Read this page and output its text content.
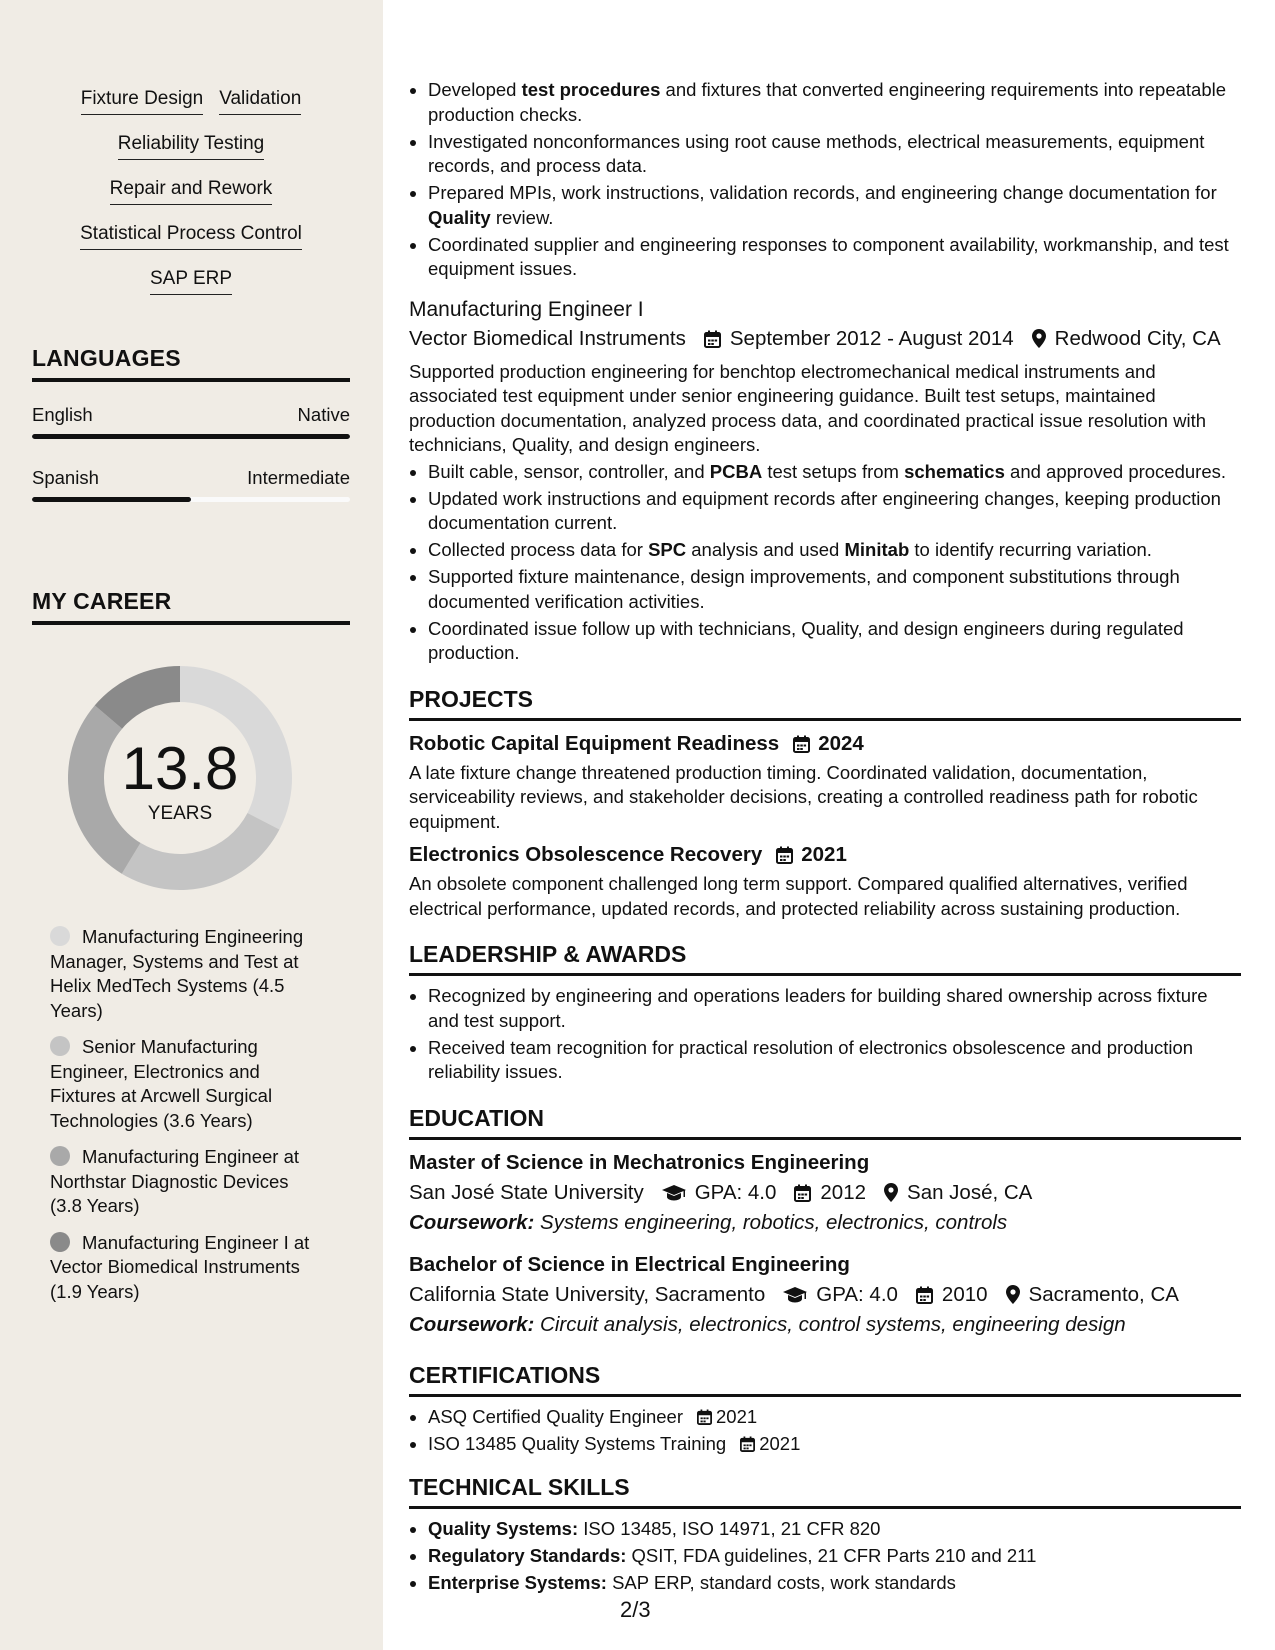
Fixture Design Validation
Reliability Testing
Repair and Rework
Statistical Process Control
SAP ERP
LANGUAGES
English	Native
Spanish	Intermediate
MY CAREER
13.8
YEARS
Manufacturing Engineering Manager, Systems and Test at Helix MedTech Systems (4.5 Years)
Senior Manufacturing Engineer, Electronics and Fixtures at Arcwell Surgical Technologies (3.6 Years)
Manufacturing Engineer at Northstar Diagnostic Devices (3.8 Years)
Manufacturing Engineer I at Vector Biomedical Instruments (1.9 Years)
• Developed test procedures and fixtures that converted engineering requirements into repeatable production checks.
• Investigated nonconformances using root cause methods, electrical measurements, equipment records, and process data.
• Prepared MPIs, work instructions, validation records, and engineering change documentation for Quality review.
• Coordinated supplier and engineering responses to component availability, workmanship, and test equipment issues.
Manufacturing Engineer I
Vector Biomedical Instruments September 2012 - August 2014 Redwood City, CA
Supported production engineering for benchtop electromechanical medical instruments and associated test equipment under senior engineering guidance. Built test setups, maintained production documentation, analyzed process data, and coordinated practical issue resolution with technicians, Quality, and design engineers.
• Built cable, sensor, controller, and PCBA test setups from schematics and approved procedures.
• Updated work instructions and equipment records after engineering changes, keeping production documentation current.
• Collected process data for SPC analysis and used Minitab to identify recurring variation.
• Supported fixture maintenance, design improvements, and component substitutions through documented verification activities.
• Coordinated issue follow up with technicians, Quality, and design engineers during regulated production.
PROJECTS
Robotic Capital Equipment Readiness 2024
A late fixture change threatened production timing. Coordinated validation, documentation, serviceability reviews, and stakeholder decisions, creating a controlled readiness path for robotic equipment.
Electronics Obsolescence Recovery 2021
An obsolete component challenged long term support. Compared qualified alternatives, verified electrical performance, updated records, and protected reliability across sustaining production.
LEADERSHIP & AWARDS
• Recognized by engineering and operations leaders for building shared ownership across fixture and test support.
• Received team recognition for practical resolution of electronics obsolescence and production reliability issues.
EDUCATION
Master of Science in Mechatronics Engineering
San José State University GPA: 4.0 2012 San José, CA
Coursework: Systems engineering, robotics, electronics, controls
Bachelor of Science in Electrical Engineering
California State University, Sacramento GPA: 4.0 2010 Sacramento, CA
Coursework: Circuit analysis, electronics, control systems, engineering design
CERTIFICATIONS
• ASQ Certified Quality Engineer 2021
• ISO 13485 Quality Systems Training 2021
TECHNICAL SKILLS
• Quality Systems: ISO 13485, ISO 14971, 21 CFR 820
• Regulatory Standards: QSIT, FDA guidelines, 21 CFR Parts 210 and 211
• Enterprise Systems: SAP ERP, standard costs, work standards
2/3
